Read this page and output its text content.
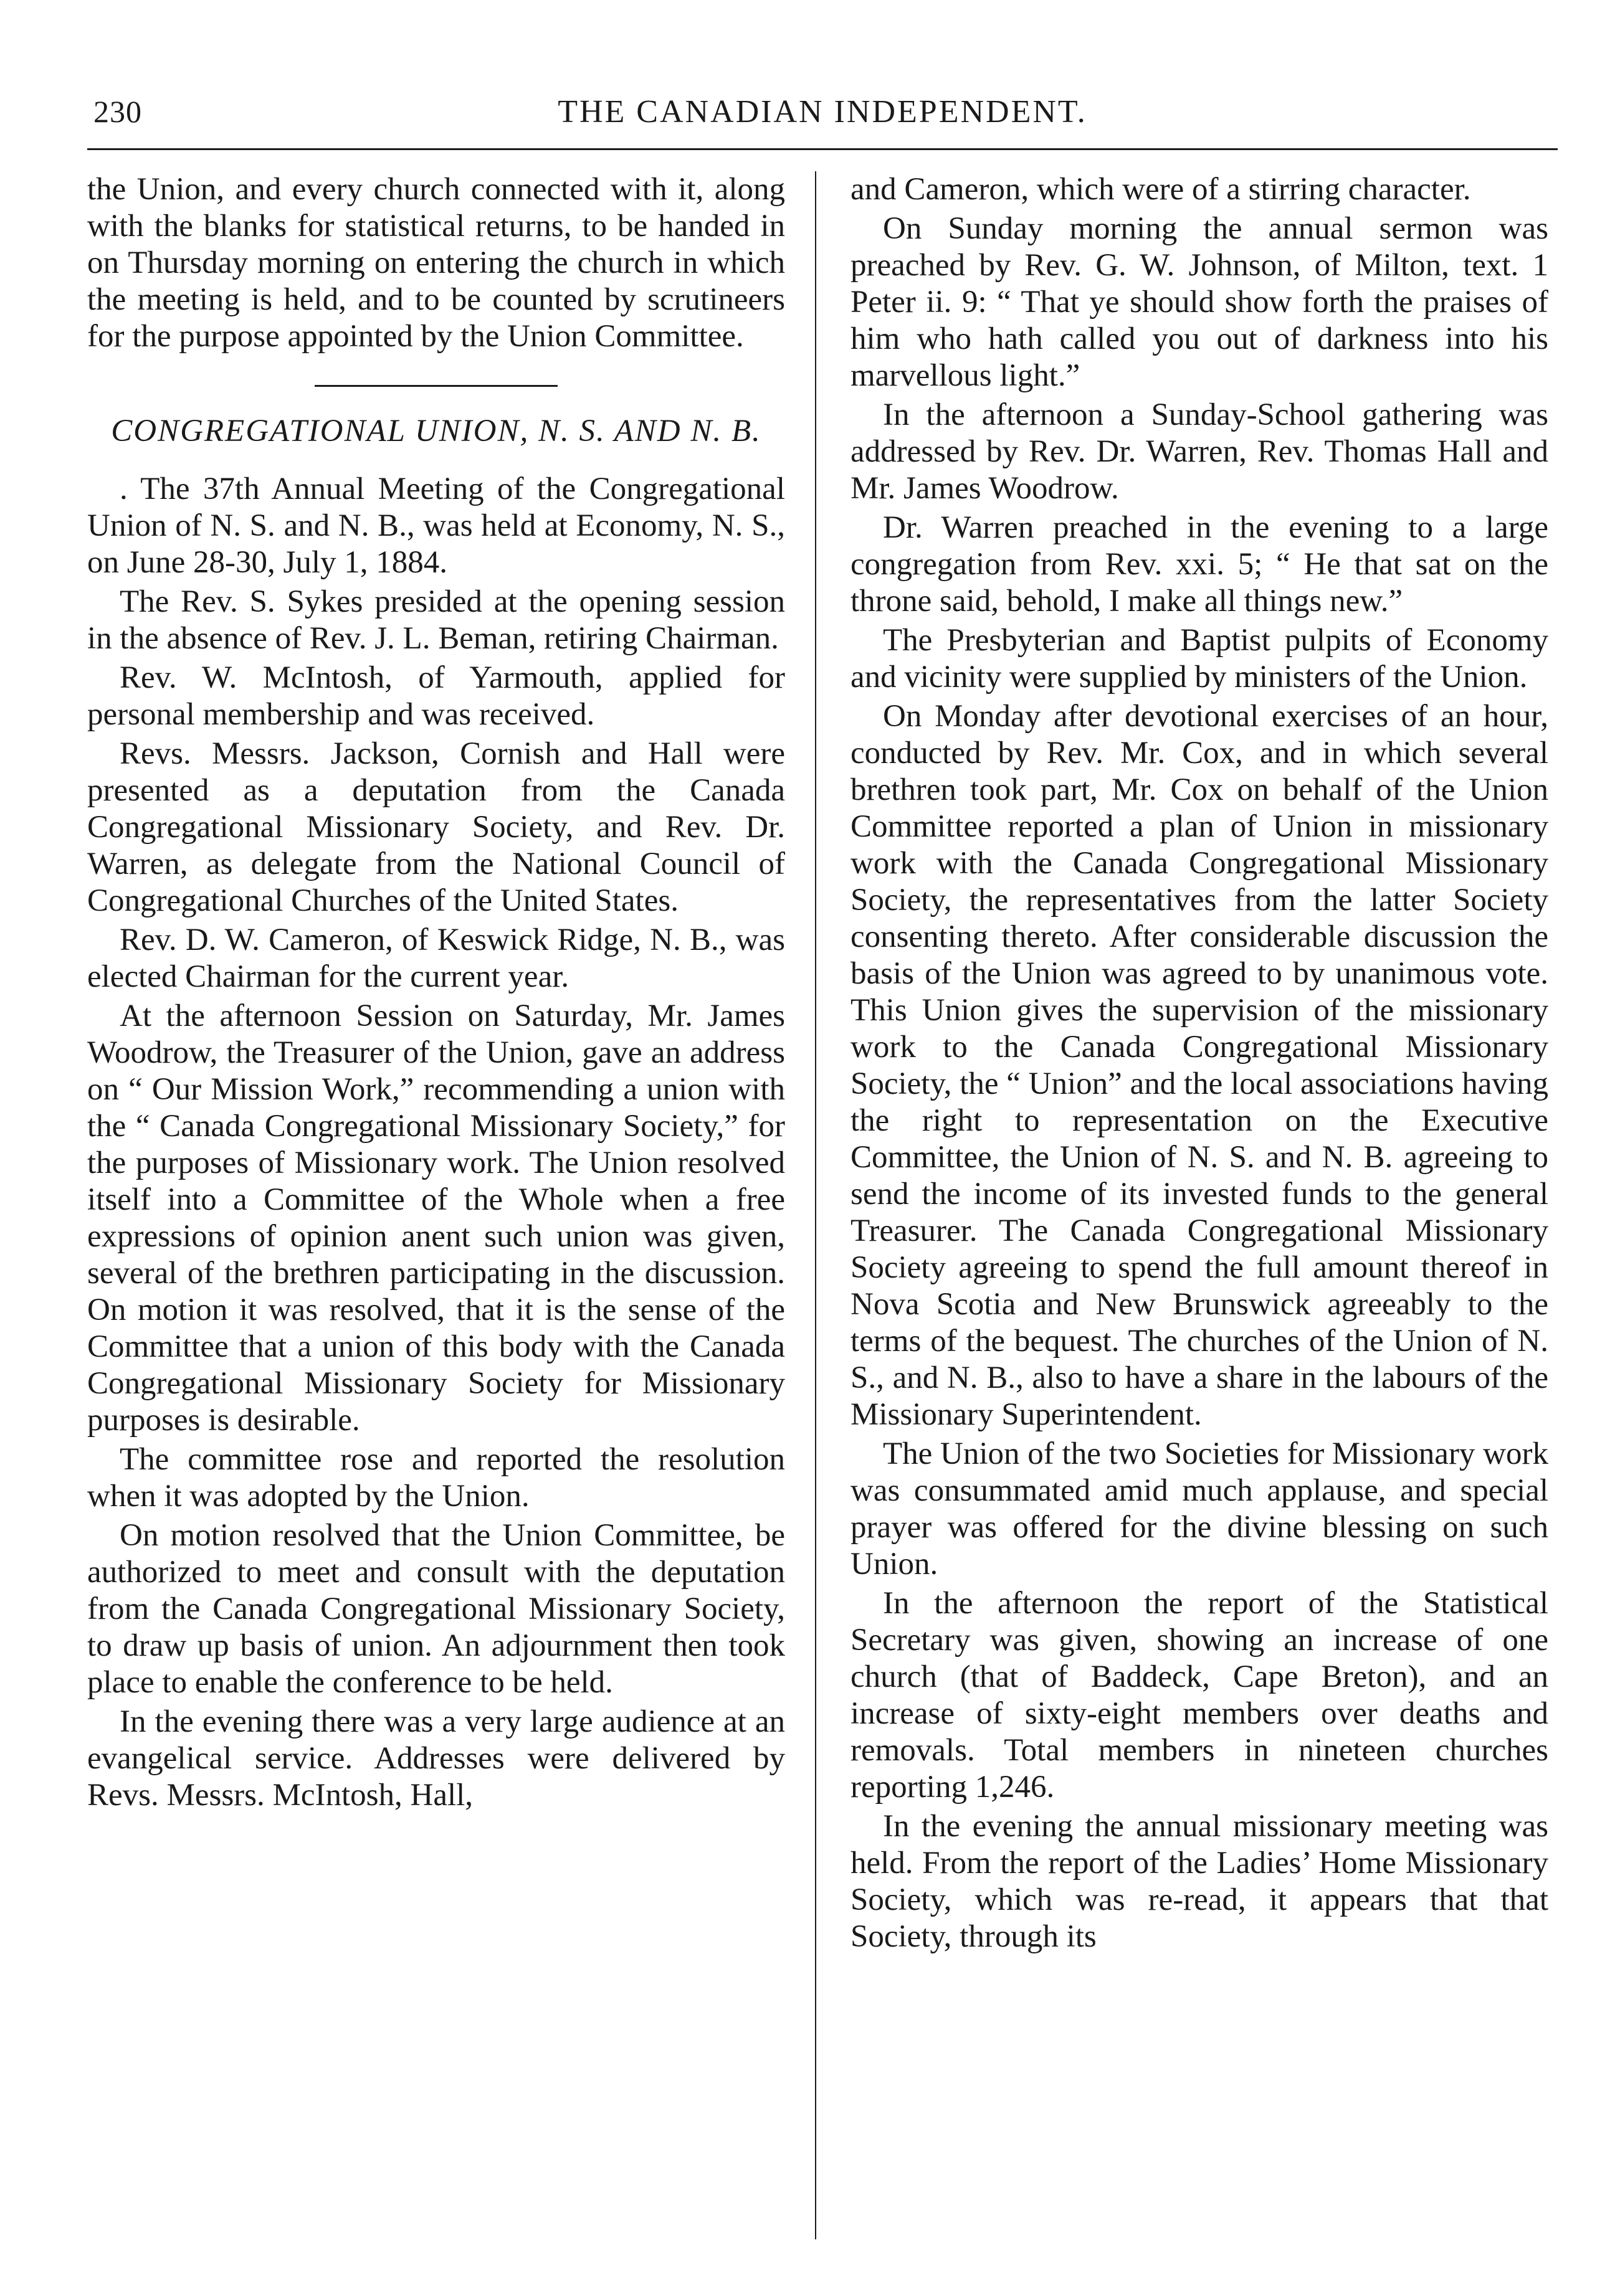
230	THE CANADIAN INDEPENDENT.

the Union, and every church connected with it, along with the blanks for statistical returns, to be handed in on Thursday morning on entering the church in which the meeting is held, and to be counted by scrutineers for the purpose appointed by the Union Committee.

CONGREGATIONAL UNION, N. S. AND N. B.

. The 37th Annual Meeting of the Congregational Union of N. S. and N. B., was held at Economy, N. S., on June 28-30, July 1, 1884.

The Rev. S. Sykes presided at the opening session in the absence of Rev. J. L. Beman, retiring Chairman.

Rev. W. McIntosh, of Yarmouth, applied for personal membership and was received.

Revs. Messrs. Jackson, Cornish and Hall were presented as a deputation from the Canada Congregational Missionary Society, and Rev. Dr. Warren, as delegate from the National Council of Congregational Churches of the United States.

Rev. D. W. Cameron, of Keswick Ridge, N. B., was elected Chairman for the current year.

At the afternoon Session on Saturday, Mr. James Woodrow, the Treasurer of the Union, gave an address on “ Our Mission Work,” recommending a union with the “ Canada Congregational Missionary Society,” for the purposes of Missionary work. The Union resolved itself into a Committee of the Whole when a free expressions of opinion anent such union was given, several of the brethren participating in the discussion. On motion it was resolved, that it is the sense of the Committee that a union of this body with the Canada Congregational Missionary Society for Missionary purposes is desirable.

The committee rose and reported the resolution when it was adopted by the Union.

On motion resolved that the Union Committee, be authorized to meet and consult with the deputation from the Canada Congregational Missionary Society, to draw up basis of union. An adjournment then took place to enable the conference to be held.

In the evening there was a very large audience at an evangelical service. Addresses were delivered by Revs. Messrs. McIntosh, Hall,

and Cameron, which were of a stirring character.

On Sunday morning the annual sermon was preached by Rev. G. W. Johnson, of Milton, text. 1 Peter ii. 9: “ That ye should show forth the praises of him who hath called you out of darkness into his marvellous light.”

In the afternoon a Sunday-School gathering was addressed by Rev. Dr. Warren, Rev. Thomas Hall and Mr. James Woodrow.

Dr. Warren preached in the evening to a large congregation from Rev. xxi. 5; “ He that sat on the throne said, behold, I make all things new.”

The Presbyterian and Baptist pulpits of Economy and vicinity were supplied by ministers of the Union.

On Monday after devotional exercises of an hour, conducted by Rev. Mr. Cox, and in which several brethren took part, Mr. Cox on behalf of the Union Committee reported a plan of Union in missionary work with the Canada Congregational Missionary Society, the representatives from the latter Society consenting thereto. After considerable discussion the basis of the Union was agreed to by unanimous vote. This Union gives the supervision of the missionary work to the Canada Congregational Missionary Society, the “ Union” and the local associations having the right to representation on the Executive Committee, the Union of N. S. and N. B. agreeing to send the income of its invested funds to the general Treasurer. The Canada Congregational Missionary Society agreeing to spend the full amount thereof in Nova Scotia and New Brunswick agreeably to the terms of the bequest. The churches of the Union of N. S., and N. B., also to have a share in the labours of the Missionary Superintendent.

The Union of the two Societies for Missionary work was consummated amid much applause, and special prayer was offered for the divine blessing on such Union.

In the afternoon the report of the Statistical Secretary was given, showing an increase of one church (that of Baddeck, Cape Breton), and an increase of sixty-eight members over deaths and removals. Total members in nineteen churches reporting 1,246.

In the evening the annual missionary meeting was held. From the report of the Ladies’ Home Missionary Society, which was re-read, it appears that that Society, through its
